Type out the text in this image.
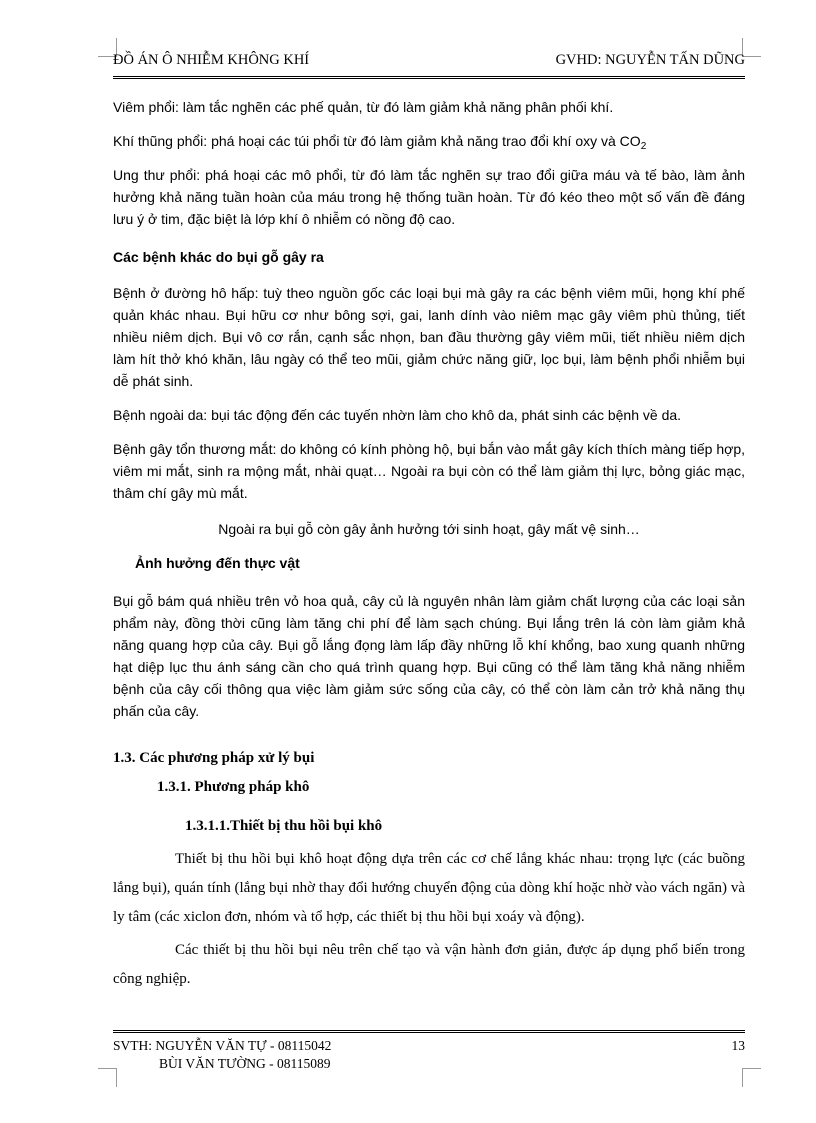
ĐỒ ÁN Ô NHIỄM KHÔNG KHÍ	GVHD: NGUYỄN TẤN DŨNG

Viêm phổi: làm tắc nghẽn các phế quản, từ đó làm giảm khả năng phân phối khí.

Khí thũng phổi: phá hoại các túi phổi từ đó làm giảm khả năng trao đổi khí oxy và $CO_2$

Ung thư phổi: phá hoại các mô phổi, từ đó làm tắc nghẽn sự trao đổi giữa máu và tế bào, làm ảnh hưởng khả năng tuần hoàn của máu trong hệ thống tuần hoàn. Từ đó kéo theo một số vấn đề đáng lưu ý ở tim, đặc biệt là lớp khí ô nhiễm có nồng độ cao.

Các bệnh khác do bụi gỗ gây ra

Bệnh ở đường hô hấp: tuỳ theo nguồn gốc các loại bụi mà gây ra các bệnh viêm mũi, họng khí phế quản khác nhau. Bụi hữu cơ như bông sợi, gai, lanh dính vào niêm mạc gây viêm phù thủng, tiết nhiều niêm dịch. Bụi vô cơ rắn, cạnh sắc nhọn, ban đầu thường gây viêm mũi, tiết nhiều niêm dịch làm hít thở khó khăn, lâu ngày có thể teo mũi, giảm chức năng giữ, lọc bụi, làm bệnh phổi nhiễm bụi dễ phát sinh.

Bệnh ngoài da: bụi tác động đến các tuyến nhờn làm cho khô da, phát sinh các bệnh về da.

Bệnh gây tổn thương mắt: do không có kính phòng hộ, bụi bắn vào mắt gây kích thích màng tiếp hợp, viêm mi mắt, sinh ra mộng mắt, nhài quạt… Ngoài ra bụi còn có thể làm giảm thị lực, bỏng giác mạc, thâm chí gây mù mắt.

Ngoài ra bụi gỗ còn gây ảnh hưởng tới sinh hoạt, gây mất vệ sinh…

Ảnh hưởng đến thực vật

Bụi gỗ bám quá nhiều trên vỏ hoa quả, cây củ là nguyên nhân làm giảm chất lượng của các loại sản phẩm này, đồng thời cũng làm tăng chi phí để làm sạch chúng. Bụi lắng trên lá còn làm giảm khả năng quang hợp của cây. Bụi gỗ lắng đọng làm lấp đầy những lỗ khí khổng, bao xung quanh những hạt diệp lục thu ánh sáng cần cho quá trình quang hợp. Bụi cũng có thể làm tăng khả năng nhiễm bệnh của cây cối thông qua việc làm giảm sức sống của cây, có thể còn làm cản trở khả năng thụ phấn của cây.

1.3. Các phương pháp xử lý bụi

1.3.1. Phương pháp khô

1.3.1.1.Thiết bị thu hồi bụi khô

Thiết bị thu hồi bụi khô hoạt động dựa trên các cơ chế lắng khác nhau: trọng lực (các buồng lắng bụi), quán tính (lắng bụi nhờ thay đổi hướng chuyển động của dòng khí hoặc nhờ vào vách ngăn) và ly tâm (các xiclon đơn, nhóm và tổ hợp, các thiết bị thu hồi bụi xoáy và động).

Các thiết bị thu hồi bụi nêu trên chế tạo và vận hành đơn giản, được áp dụng phổ biến trong công nghiệp.

SVTH: NGUYỄN VĂN TỰ - 08115042	13
BÙI VĂN TƯỜNG - 08115089
